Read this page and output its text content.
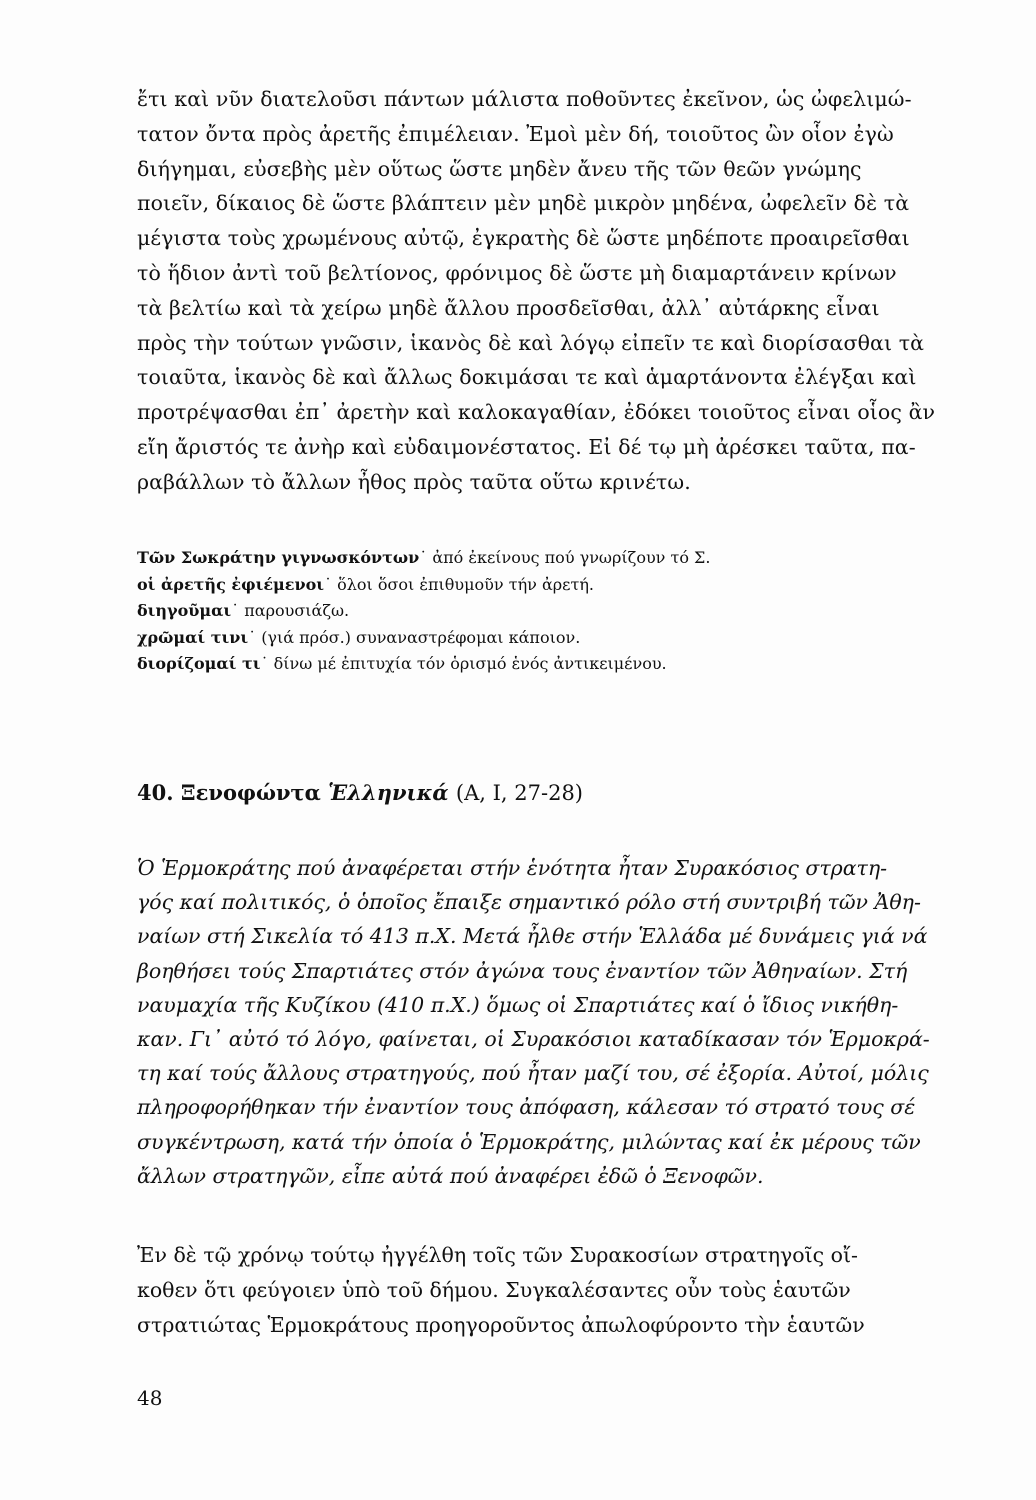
ἔτι καὶ νῦν διατελοῦσι πάντων μάλιστα ποθοῦντες ἐκεῖνον, ὡς ὠφελιμώ-
τατον ὄντα πρὸς ἀρετῆς ἐπιμέλειαν. Ἐμοὶ μὲν δή, τοιοῦτος ὢν οἷον ἐγὼ
διήγημαι, εὐσεβὴς μὲν οὕτως ὥστε μηδὲν ἄνευ τῆς τῶν θεῶν γνώμης
ποιεῖν, δίκαιος δὲ ὥστε βλάπτειν μὲν μηδὲ μικρὸν μηδένα, ὠφελεῖν δὲ τὰ
μέγιστα τοὺς χρωμένους αὐτῷ, ἐγκρατὴς δὲ ὥστε μηδέποτε προαιρεῖσθαι
τὸ ἥδιον ἀντὶ τοῦ βελτίονος, φρόνιμος δὲ ὥστε μὴ διαμαρτάνειν κρίνων
τὰ βελτίω καὶ τὰ χείρω μηδὲ ἄλλου προσδεῖσθαι, ἀλλ᾽ αὐτάρκης εἶναι
πρὸς τὴν τούτων γνῶσιν, ἱκανὸς δὲ καὶ λόγῳ εἰπεῖν τε καὶ διορίσασθαι τὰ
τοιαῦτα, ἱκανὸς δὲ καὶ ἄλλως δοκιμάσαι τε καὶ ἁμαρτάνοντα ἐλέγξαι καὶ
προτρέψασθαι ἐπ᾽ ἀρετὴν καὶ καλοκαγαθίαν, ἐδόκει τοιοῦτος εἶναι οἷος ἂν
εἴη ἄριστός τε ἀνὴρ καὶ εὐδαιμονέστατος. Εἰ δέ τῳ μὴ ἀρέσκει ταῦτα, πα-
ραβάλλων τὸ ἄλλων ἦθος πρὸς ταῦτα οὕτω κρινέτω.
Τῶν Σωκράτην γιγνωσκόντων˙ ἀπό ἐκείνους πού γνωρίζουν τό Σ.
οἱ ἀρετῆς ἐφιέμενοι˙ ὅλοι ὅσοι ἐπιθυμοῦν τήν ἀρετή.
διηγοῦμαι˙ παρουσιάζω.
χρῶμαί τινι˙ (γιά πρόσ.) συναναστρέφομαι κάποιον.
διορίζομαί τι˙ δίνω μέ ἐπιτυχία τόν ὁρισμό ἑνός ἀντικειμένου.
40. Ξενοφώντα Ἑλληνικά (Α, Ι, 27-28)
Ὁ Ἑρμοκράτης πού ἀναφέρεται στήν ἑνότητα ἦταν Συρακόσιος στρατη-
γός καί πολιτικός, ὁ ὁποῖος ἔπαιξε σημαντικό ρόλο στή συντριβή τῶν Ἀθη-
ναίων στή Σικελία τό 413 π.Χ. Μετά ἦλθε στήν Ἑλλάδα μέ δυνάμεις γιά νά
βοηθήσει τούς Σπαρτιάτες στόν ἀγώνα τους ἐναντίον τῶν Ἀθηναίων. Στή
ναυμαχία τῆς Κυζίκου (410 π.Χ.) ὅμως οἱ Σπαρτιάτες καί ὁ ἴδιος νικήθη-
καν. Γι᾽ αὐτό τό λόγο, φαίνεται, οἱ Συρακόσιοι καταδίκασαν τόν Ἑρμοκρά-
τη καί τούς ἄλλους στρατηγούς, πού ἦταν μαζί του, σέ ἐξορία. Αὐτοί, μόλις
πληροφορήθηκαν τήν ἐναντίον τους ἀπόφαση, κάλεσαν τό στρατό τους σέ
συγκέντρωση, κατά τήν ὁποία ὁ Ἑρμοκράτης, μιλώντας καί ἐκ μέρους τῶν
ἄλλων στρατηγῶν, εἶπε αὐτά πού ἀναφέρει ἐδῶ ὁ Ξενοφῶν.
Ἐν δὲ τῷ χρόνῳ τούτῳ ἠγγέλθη τοῖς τῶν Συρακοσίων στρατηγοῖς οἴ-
κοθεν ὅτι φεύγοιεν ὑπὸ τοῦ δήμου. Συγκαλέσαντες οὖν τοὺς ἑαυτῶν
στρατιώτας Ἑρμοκράτους προηγοροῦντος ἀπωλοφύροντο τὴν ἑαυτῶν
48
